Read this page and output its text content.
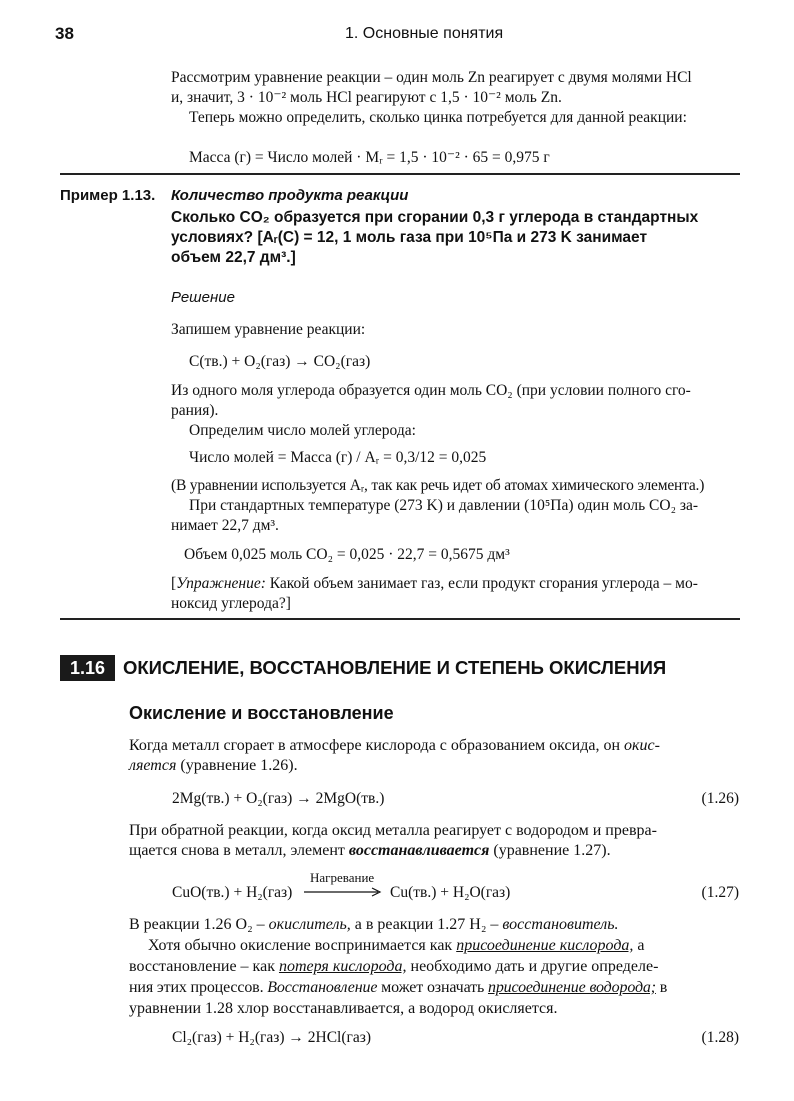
38	1. Основные понятия
Рассмотрим уравнение реакции – один моль Zn реагирует с двумя молями HCl
и, значит, 3 · 10⁻² моль HCl реагируют с 1,5 · 10⁻² моль Zn.
Теперь можно определить, сколько цинка потребуется для данной реакции:
Масса (г) = Число молей · Mᵣ = 1,5 · 10⁻² · 65 = 0,975 г
Пример 1.13. Количество продукта реакции
Сколько CO₂ образуется при сгорании 0,3 г углерода в стандартных
условиях? [Aᵣ(C) = 12, 1 моль газа при 10⁵Па и 273 K занимает
объем 22,7 дм³.]
Решение
Запишем уравнение реакции:
C(тв.) + O₂(газ) → CO₂(газ)
Из одного моля углерода образуется один моль CO₂ (при условии полного сго-
рания).
Определим число молей углерода:
Число молей = Масса (г) / Aᵣ = 0,3/12 = 0,025
(В уравнении используется Aᵣ, так как речь идет об атомах химического элемента.)
При стандартных температуре (273 K) и давлении (10⁵Па) один моль CO₂ за-
нимает 22,7 дм³.
Объем 0,025 моль CO₂ = 0,025 · 22,7 = 0,5675 дм³
[Упражнение: Какой объем занимает газ, если продукт сгорания углерода – мо-
ноксид углерода?]
1.16 ОКИСЛЕНИЕ, ВОССТАНОВЛЕНИЕ И СТЕПЕНЬ ОКИСЛЕНИЯ
Окисление и восстановление
Когда металл сгорает в атмосфере кислорода с образованием оксида, он окис-
ляется (уравнение 1.26).
2Mg(тв.) + O₂(газ) → 2MgO(тв.)	(1.26)
При обратной реакции, когда оксид металла реагирует с водородом и превра-
щается снова в металл, элемент восстанавливается (уравнение 1.27).
CuO(тв.) + H₂(газ)
Нагревание
Cu(тв.) + H₂O(газ)	(1.27)
В реакции 1.26 O₂ – окислитель, а в реакции 1.27 H₂ – восстановитель.
Хотя обычно окисление воспринимается как присоединение кислорода, а
восстановление – как потеря кислорода, необходимо дать и другие определе-
ния этих процессов. Восстановление может означать присоединение водорода; в
уравнении 1.28 хлор восстанавливается, а водород окисляется.
Cl₂(газ) + H₂(газ) → 2HCl(газ)	(1.28)
